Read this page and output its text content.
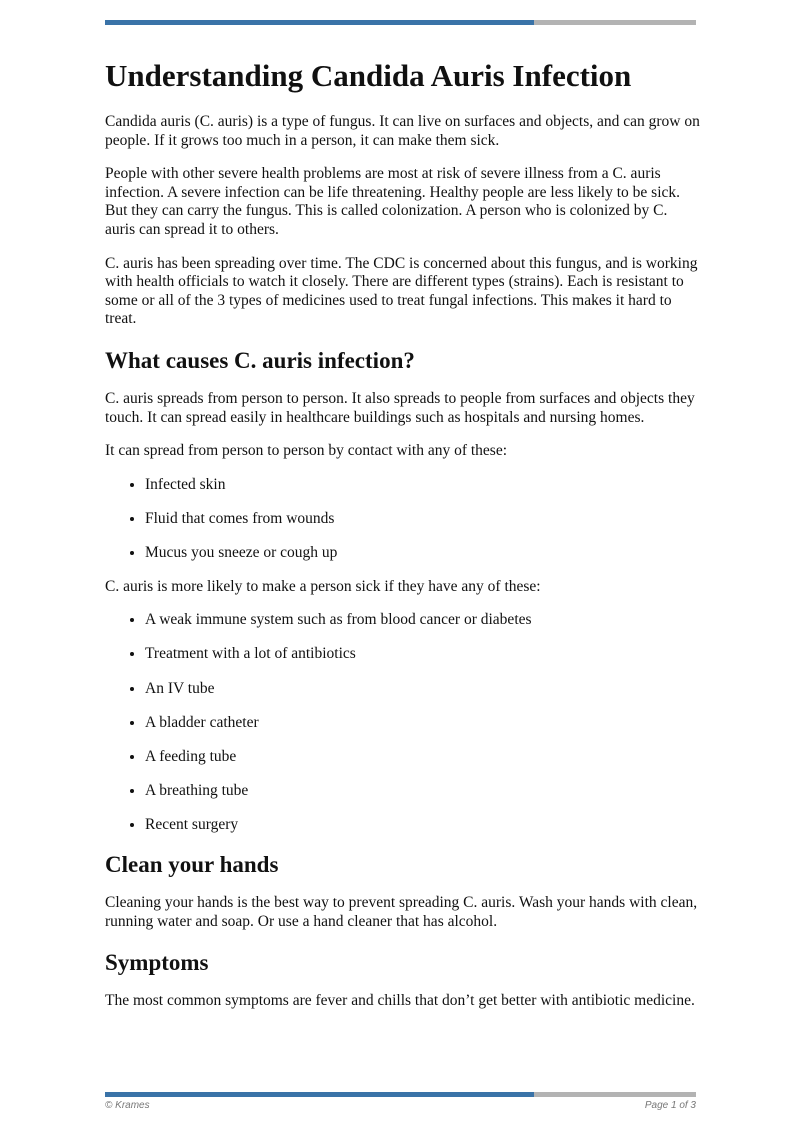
Understanding Candida Auris Infection

Candida auris (C. auris) is a type of fungus. It can live on surfaces and objects, and can grow on people. If it grows too much in a person, it can make them sick.

People with other severe health problems are most at risk of severe illness from a C. auris infection. A severe infection can be life threatening. Healthy people are less likely to be sick. But they can carry the fungus. This is called colonization. A person who is colonized by C. auris can spread it to others.

C. auris has been spreading over time. The CDC is concerned about this fungus, and is working with health officials to watch it closely. There are different types (strains). Each is resistant to some or all of the 3 types of medicines used to treat fungal infections. This makes it hard to treat.

What causes C. auris infection?

C. auris spreads from person to person. It also spreads to people from surfaces and objects they touch. It can spread easily in healthcare buildings such as hospitals and nursing homes.

It can spread from person to person by contact with any of these:

• Infected skin
• Fluid that comes from wounds
• Mucus you sneeze or cough up

C. auris is more likely to make a person sick if they have any of these:

• A weak immune system such as from blood cancer or diabetes
• Treatment with a lot of antibiotics
• An IV tube
• A bladder catheter
• A feeding tube
• A breathing tube
• Recent surgery
Clean your hands

Cleaning your hands is the best way to prevent spreading C. auris. Wash your hands with clean, running water and soap. Or use a hand cleaner that has alcohol.

Symptoms

The most common symptoms are fever and chills that don’t get better with antibiotic medicine.

© Krames	Page 1 of 3
